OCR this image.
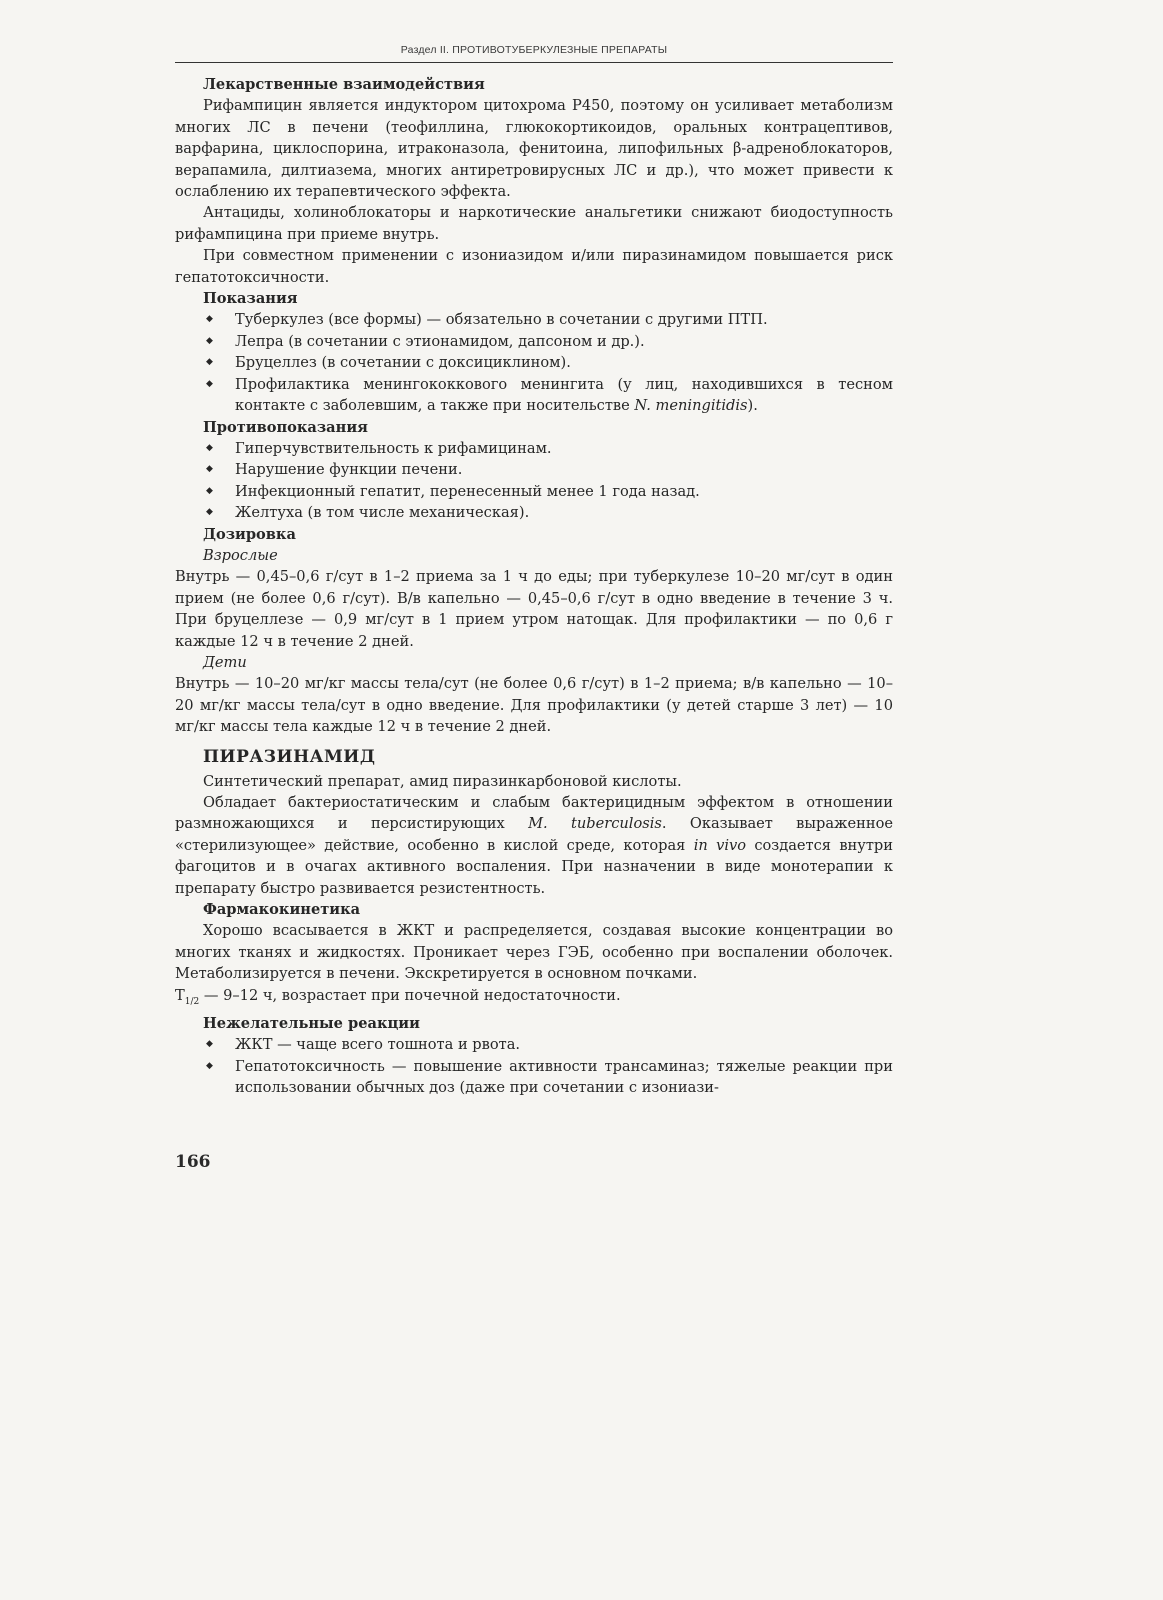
Раздел II. ПРОТИВОТУБЕРКУЛЕЗНЫЕ ПРЕПАРАТЫ
Лекарственные взаимодействия

Рифампицин является индуктором цитохрома Р450, поэтому он усиливает метаболизм многих ЛС в печени (теофиллина, глюкокортикоидов, оральных контрацептивов, варфарина, циклоспорина, итраконазола, фенитоина, липофильных β-адреноблокаторов, верапамила, дилтиазема, многих антиретровирусных ЛС и др.), что может привести к ослаблению их терапевтического эффекта.

Антациды, холиноблокаторы и наркотические анальгетики снижают биодоступность рифампицина при приеме внутрь.

При совместном применении с изониазидом и/или пиразинамидом повышается риск гепатотоксичности.

Показания
◆ Туберкулез (все формы) — обязательно в сочетании с другими ПТП.
◆ Лепра (в сочетании с этионамидом, дапсоном и др.).
◆ Бруцеллез (в сочетании с доксициклином).
◆ Профилактика менингококкового менингита (у лиц, находившихся в тесном контакте с заболевшим, а также при носительстве N. meningitidis).
Противопоказания
◆ Гиперчувствительность к рифамицинам.
◆ Нарушение функции печени.
◆ Инфекционный гепатит, перенесенный менее 1 года назад.
◆ Желтуха (в том числе механическая).
Дозировка
Взрослые

Внутрь — 0,45–0,6 г/сут в 1–2 приема за 1 ч до еды; при туберкулезе 10–20 мг/сут в один прием (не более 0,6 г/сут). В/в капельно — 0,45–0,6 г/сут в одно введение в течение 3 ч. При бруцеллезе — 0,9 мг/сут в 1 прием утром натощак. Для профилактики — по 0,6 г каждые 12 ч в течение 2 дней.

Дети

Внутрь — 10–20 мг/кг массы тела/сут (не более 0,6 г/сут) в 1–2 приема; в/в капельно — 10–20 мг/кг массы тела/сут в одно введение. Для профилактики (у детей старше 3 лет) — 10 мг/кг массы тела каждые 12 ч в течение 2 дней.

ПИРАЗИНАМИД

Синтетический препарат, амид пиразинкарбоновой кислоты.

Обладает бактериостатическим и слабым бактерицидным эффектом в отношении размножающихся и персистирующих M. tuberculosis. Оказывает выраженное «стерилизующее» действие, особенно в кислой среде, которая in vivo создается внутри фагоцитов и в очагах активного воспаления. При назначении в виде монотерапии к препарату быстро развивается резистентность.

Фармакокинетика

Хорошо всасывается в ЖКТ и распределяется, создавая высокие концентрации во многих тканях и жидкостях. Проникает через ГЭБ, особенно при воспалении оболочек. Метаболизируется в печени. Экскретируется в основном почками.

$Т_{1/2}$ — 9–12 ч, возрастает при почечной недостаточности.

Нежелательные реакции
◆ ЖКТ — чаще всего тошнота и рвота.
◆ Гепатотоксичность — повышение активности трансаминаз; тяжелые реакции при использовании обычных доз (даже при сочетании с изониази-
166
